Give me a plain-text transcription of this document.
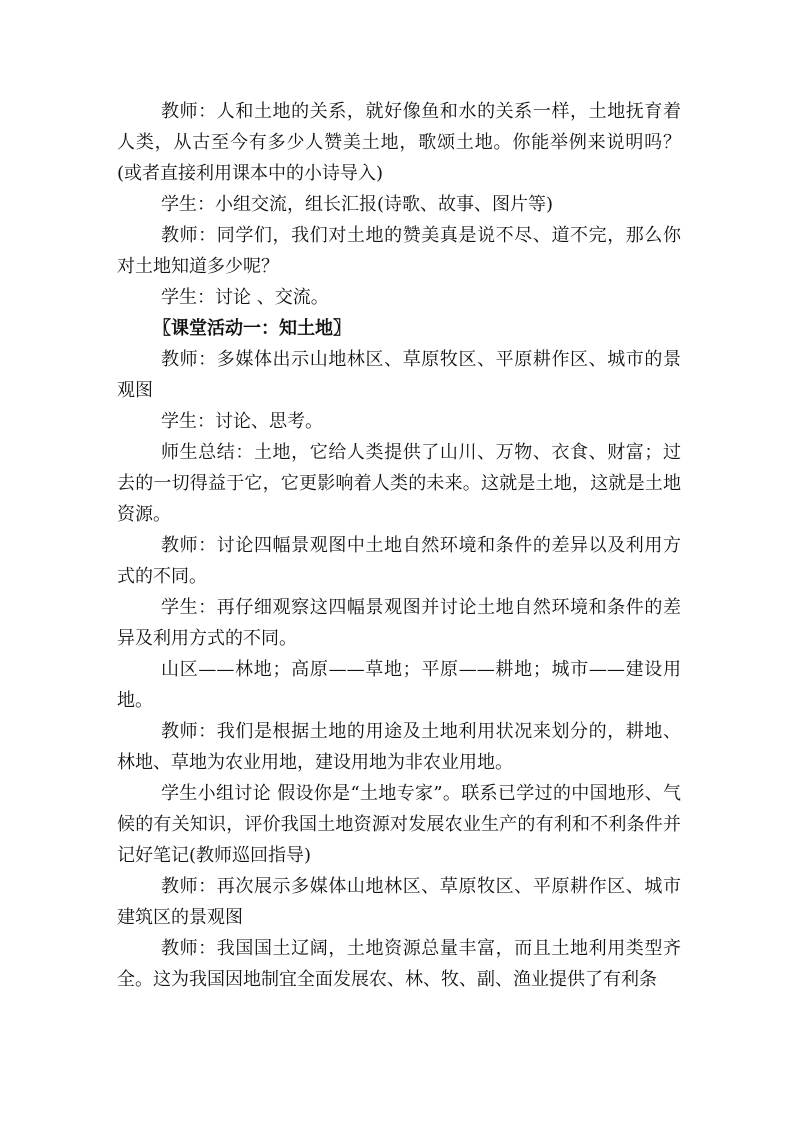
教师：人和土地的关系，就好像鱼和水的关系一样，土地抚育着人类，从古至今有多少人赞美土地，歌颂土地。你能举例来说明吗？(或者直接利用课本中的小诗导入)

学生：小组交流，组长汇报(诗歌、故事、图片等)

教师：同学们，我们对土地的赞美真是说不尽、道不完，那么你对土地知道多少呢？

学生：讨论 、交流。

〖课堂活动一：知土地〗

教师：多媒体出示山地林区、草原牧区、平原耕作区、城市的景观图

学生：讨论、思考。

师生总结：土地，它给人类提供了山川、万物、衣食、财富；过去的一切得益于它，它更影响着人类的未来。这就是土地，这就是土地资源。

教师：讨论四幅景观图中土地自然环境和条件的差异以及利用方式的不同。

学生：再仔细观察这四幅景观图并讨论土地自然环境和条件的差异及利用方式的不同。

山区——林地；高原——草地；平原——耕地；城市——建设用地。

教师：我们是根据土地的用途及土地利用状况来划分的，耕地、林地、草地为农业用地，建设用地为非农业用地。

学生小组讨论 假设你是“土地专家”。联系已学过的中国地形、气候的有关知识，评价我国土地资源对发展农业生产的有利和不利条件并记好笔记(教师巡回指导)

教师：再次展示多媒体山地林区、草原牧区、平原耕作区、城市建筑区的景观图

教师：我国国土辽阔，土地资源总量丰富，而且土地利用类型齐全。这为我国因地制宜全面发展农、林、牧、副、渔业提供了有利条
